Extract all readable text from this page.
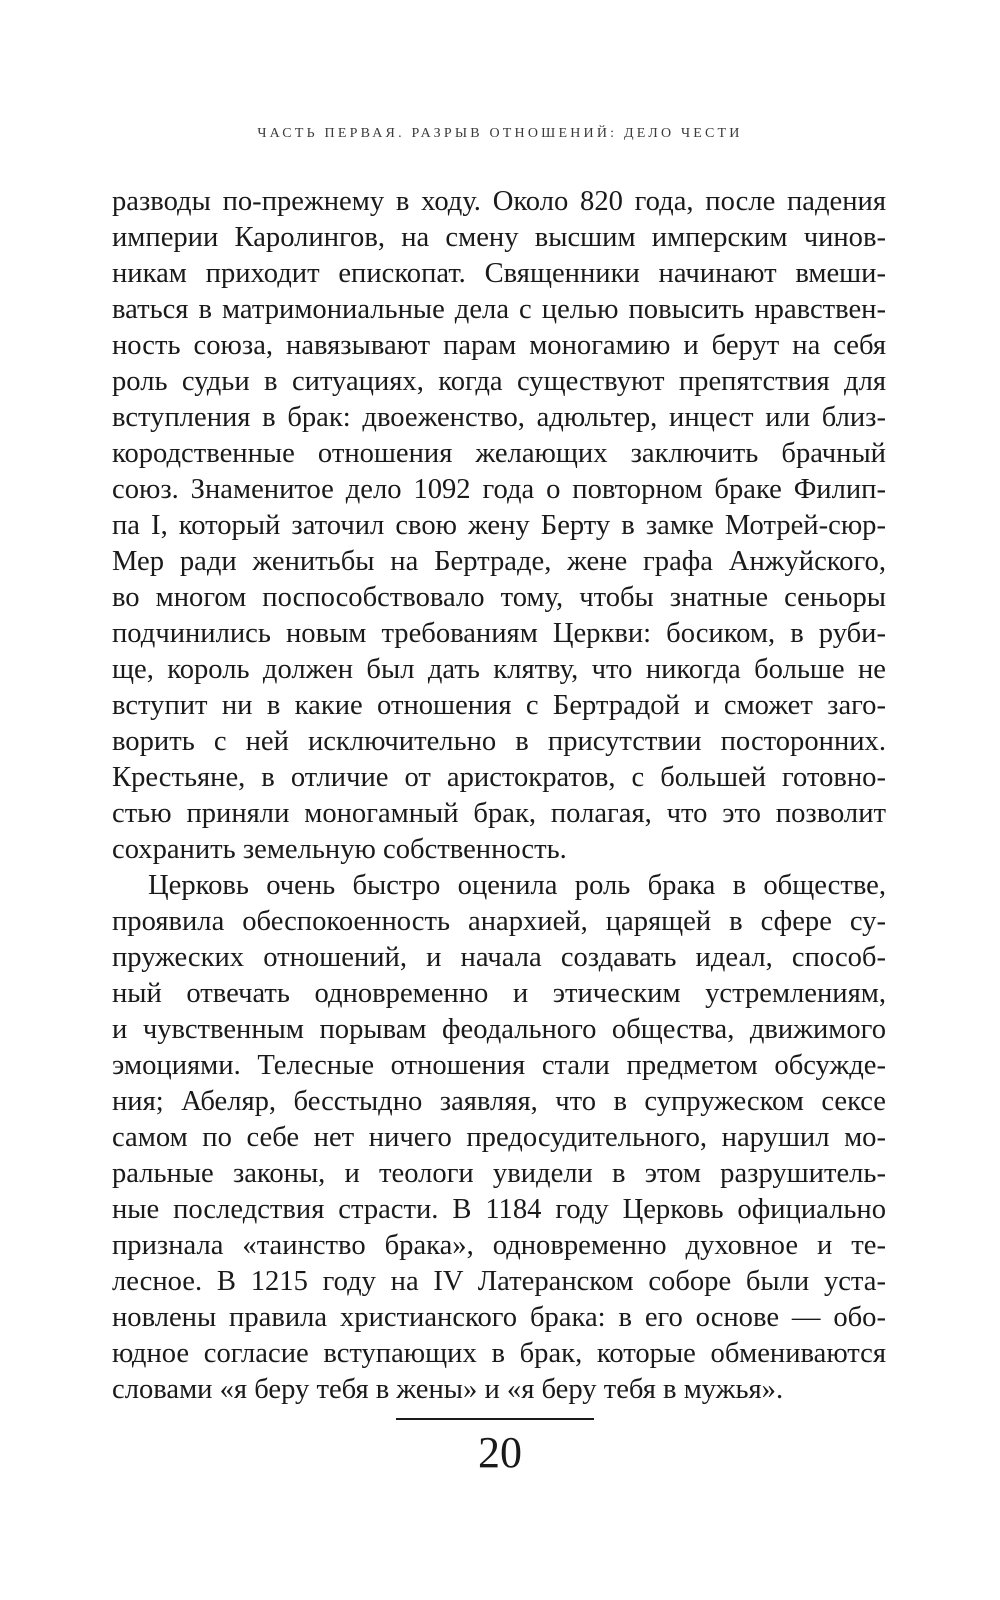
ЧАСТЬ ПЕРВАЯ. РАЗРЫВ ОТНОШЕНИЙ: ДЕЛО ЧЕСТИ
разводы по-прежнему в ходу. Около 820 года, после падения
империи Каролингов, на смену высшим имперским чинов-
никам приходит епископат. Священники начинают вмеши-
ваться в матримониальные дела с целью повысить нравствен-
ность союза, навязывают парам моногамию и берут на себя
роль судьи в ситуациях, когда существуют препятствия для
вступления в брак: двоеженство, адюльтер, инцест или близ-
кородственные отношения желающих заключить брачный
союз. Знаменитое дело 1092 года о повторном браке Филип-
па I, который заточил свою жену Берту в замке Мотрей-сюр-
Мер ради женитьбы на Бертраде, жене графа Анжуйского,
во многом поспособствовало тому, чтобы знатные сеньоры
подчинились новым требованиям Церкви: босиком, в руби-
ще, король должен был дать клятву, что никогда больше не
вступит ни в какие отношения с Бертрадой и сможет заго-
ворить с ней исключительно в присутствии посторонних.
Крестьяне, в отличие от аристократов, с большей готовно-
стью приняли моногамный брак, полагая, что это позволит
сохранить земельную собственность.
Церковь очень быстро оценила роль брака в обществе,
проявила обеспокоенность анархией, царящей в сфере су-
пружеских отношений, и начала создавать идеал, способ-
ный отвечать одновременно и этическим устремлениям,
и чувственным порывам феодального общества, движимого
эмоциями. Телесные отношения стали предметом обсужде-
ния; Абеляр, бесстыдно заявляя, что в супружеском сексе
самом по себе нет ничего предосудительного, нарушил мо-
ральные законы, и теологи увидели в этом разрушитель-
ные последствия страсти. В 1184 году Церковь официально
признала «таинство брака», одновременно духовное и те-
лесное. В 1215 году на IV Латеранском соборе были уста-
новлены правила христианского брака: в его основе — обо-
юдное согласие вступающих в брак, которые обмениваются
словами «я беру тебя в жены» и «я беру тебя в мужья».
20
